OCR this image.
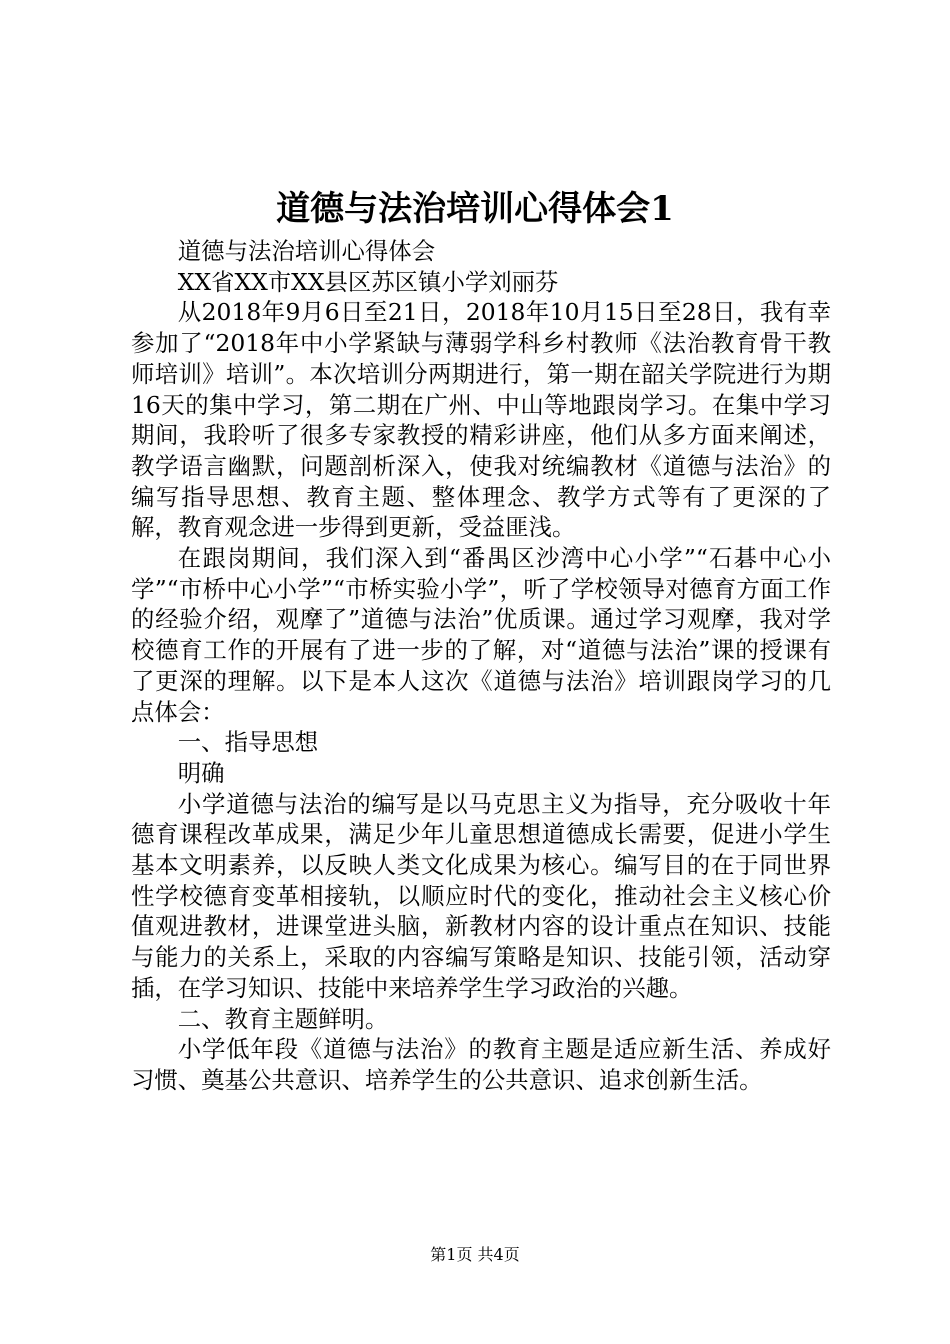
道德与法治培训心得体会1

道德与法治培训心得体会

XX省XX市XX县区苏区镇小学刘丽芬

从2018年9月6日至21日，2018年10月15日至28日，我有幸参加了“2018年中小学紧缺与薄弱学科乡村教师《法治教育骨干教师培训》培训”。本次培训分两期进行，第一期在韶关学院进行为期16天的集中学习，第二期在广州、中山等地跟岗学习。在集中学习期间，我聆听了很多专家教授的精彩讲座，他们从多方面来阐述，教学语言幽默，问题剖析深入，使我对统编教材《道德与法治》的编写指导思想、教育主题、整体理念、教学方式等有了更深的了解，教育观念进一步得到更新，受益匪浅。

在跟岗期间，我们深入到“番禺区沙湾中心小学”“石碁中心小学”“市桥中心小学”“市桥实验小学”，听了学校领导对德育方面工作的经验介绍，观摩了”道德与法治”优质课。通过学习观摩，我对学校德育工作的开展有了进一步的了解，对“道德与法治”课的授课有了更深的理解。以下是本人这次《道德与法治》培训跟岗学习的几点体会：

一、指导思想

明确

小学道德与法治的编写是以马克思主义为指导，充分吸收十年德育课程改革成果，满足少年儿童思想道德成长需要，促进小学生基本文明素养，以反映人类文化成果为核心。编写目的在于同世界性学校德育变革相接轨，以顺应时代的变化，推动社会主义核心价值观进教材，进课堂进头脑，新教材内容的设计重点在知识、技能与能力的关系上，采取的内容编写策略是知识、技能引领，活动穿插，在学习知识、技能中来培养学生学习政治的兴趣。

二、教育主题鲜明。

小学低年段《道德与法治》的教育主题是适应新生活、养成好习惯、奠基公共意识、培养学生的公共意识、追求创新生活。

第1页 共4页
